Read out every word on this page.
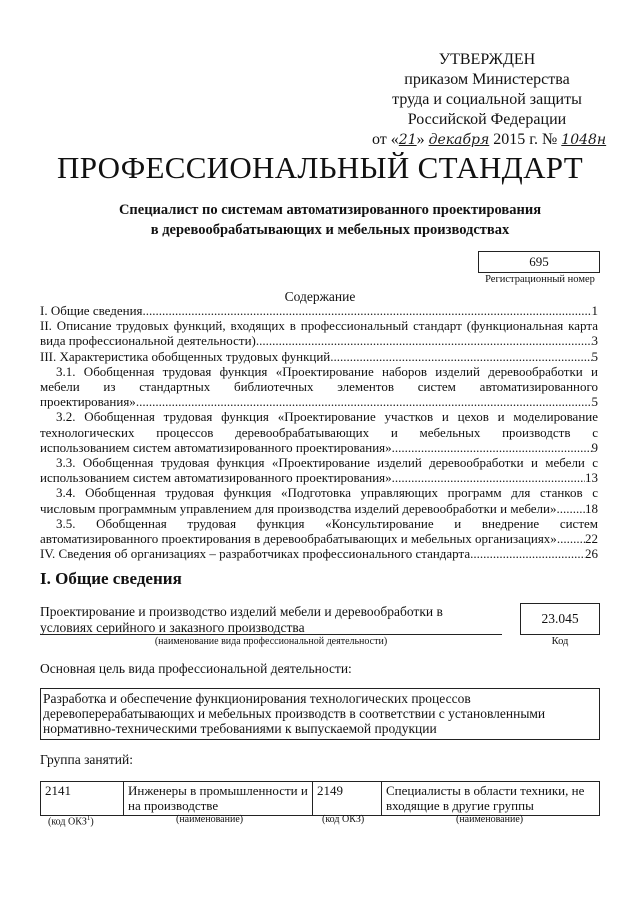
УТВЕРЖДЕН
приказом Министерства
труда и социальной защиты
Российской Федерации
от «21» декабря 2015 г. № 1048н
ПРОФЕССИОНАЛЬНЫЙ СТАНДАРТ
Специалист по системам автоматизированного проектирования
в деревообрабатывающих и мебельных производствах
695
Регистрационный номер
Содержание
I. Общие сведения .....	1
II. Описание трудовых функций, входящих в профессиональный стандарт (функциональная карта
вида профессиональной деятельности) .....	3
III. Характеристика обобщенных трудовых функций .....	5
3.1. Обобщенная трудовая функция «Проектирование наборов изделий деревообработки и
мебели из стандартных библиотечных элементов систем автоматизированного
проектирования» .....	5
3.2. Обобщенная трудовая функция «Проектирование участков и цехов и моделирование
технологических процессов деревообрабатывающих и мебельных производств с
использованием систем автоматизированного проектирования» .....	9
3.3. Обобщенная трудовая функция «Проектирование изделий деревообработки и мебели с
использованием систем автоматизированного проектирования» .....	13
3.4. Обобщенная трудовая функция «Подготовка управляющих программ для станков с
числовым программным управлением для производства изделий деревообработки и мебели» ..... 18
3.5. Обобщенная трудовая функция «Консультирование и внедрение систем
автоматизированного проектирования в деревообрабатывающих и мебельных организациях» ..... 22
IV. Сведения об организациях – разработчиках профессионального стандарта .....	26
I. Общие сведения
Проектирование и производство изделий мебели и деревообработки в
условиях серийного и заказного производства
(наименование вида профессиональной деятельности)
23.045
Код
Основная цель вида профессиональной деятельности:
Разработка и обеспечение функционирования технологических процессов
деревоперерабатывающих и мебельных производств в соответствии с установленными
нормативно-техническими требованиями к выпускаемой продукции
Группа занятий:
2141	Инженеры в промышленности и на производстве	2149	Специалисты в области техники, не входящие в другие группы
(код ОКЗ$^1$)	(наименование)	(код ОКЗ)	(наименование)
